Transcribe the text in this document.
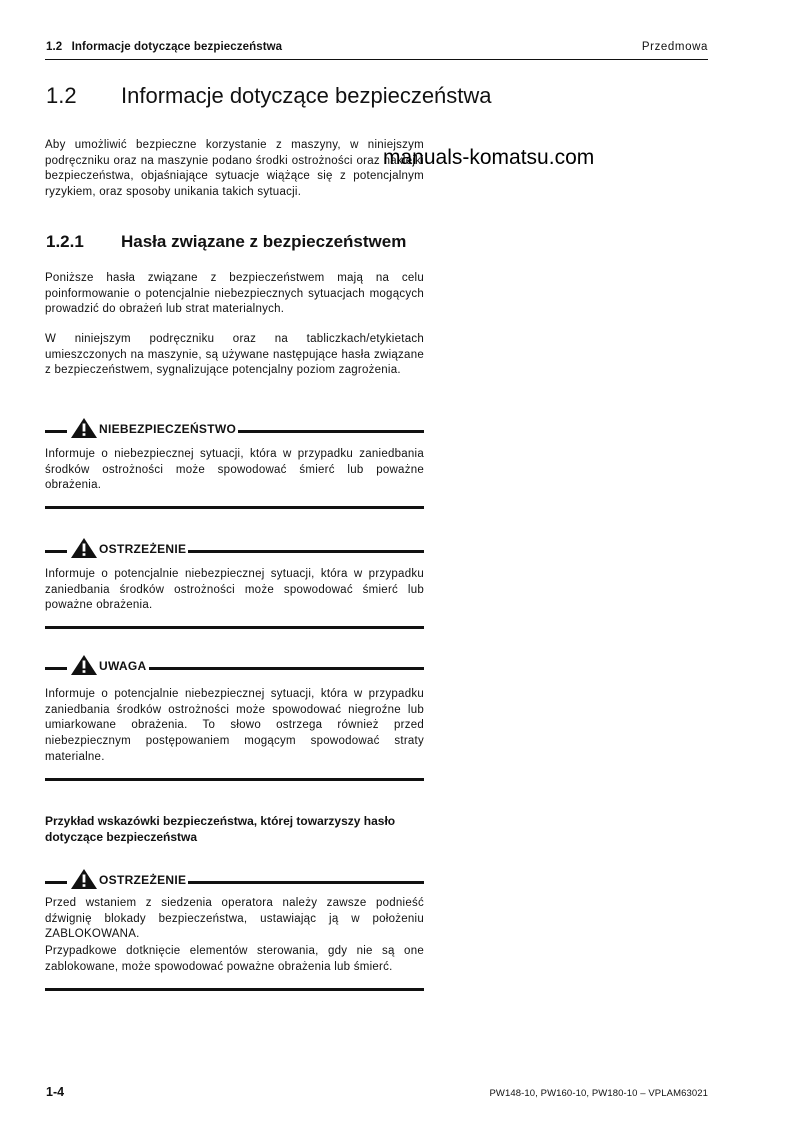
1.2 Informacje dotyczące bezpieczeństwa	Przedmowa
1.2 Informacje dotyczące bezpieczeństwa
Aby umożliwić bezpieczne korzystanie z maszyny, w niniejszym podręczniku oraz na maszynie podano środki ostrożności oraz naklejki bezpieczeństwa, objaśniające sytuacje wiążące się z potencjalnym ryzykiem, oraz sposoby unikania takich sytuacji.
manuals-komatsu.com
1.2.1 Hasła związane z bezpieczeństwem
Poniższe hasła związane z bezpieczeństwem mają na celu poinformowanie o potencjalnie niebezpiecznych sytuacjach mogących prowadzić do obrażeń lub strat materialnych.
W niniejszym podręczniku oraz na tabliczkach/etykietach umieszczonych na maszynie, są używane następujące hasła związane z bezpieczeństwem, sygnalizujące potencjalny poziom zagrożenia.
NIEBEZPIECZEŃSTWO
Informuje o niebezpiecznej sytuacji, która w przypadku zaniedbania środków ostrożności może spowodować śmierć lub poważne obrażenia.
OSTRZEŻENIE
Informuje o potencjalnie niebezpiecznej sytuacji, która w przypadku zaniedbania środków ostrożności może spowodować śmierć lub poważne obrażenia.
UWAGA
Informuje o potencjalnie niebezpiecznej sytuacji, która w przypadku zaniedbania środków ostrożności może spowodować niegroźne lub umiarkowane obrażenia. To słowo ostrzega również przed niebezpiecznym postępowaniem mogącym spowodować straty materialne.
Przykład wskazówki bezpieczeństwa, której towarzyszy hasło dotyczące bezpieczeństwa
OSTRZEŻENIE
Przed wstaniem z siedzenia operatora należy zawsze podnieść dźwignię blokady bezpieczeństwa, ustawiając ją w położeniu ZABLOKOWANA.
Przypadkowe dotknięcie elementów sterowania, gdy nie są one zablokowane, może spowodować poważne obrażenia lub śmierć.
1-4	PW148-10, PW160-10, PW180-10 – VPLAM63021
